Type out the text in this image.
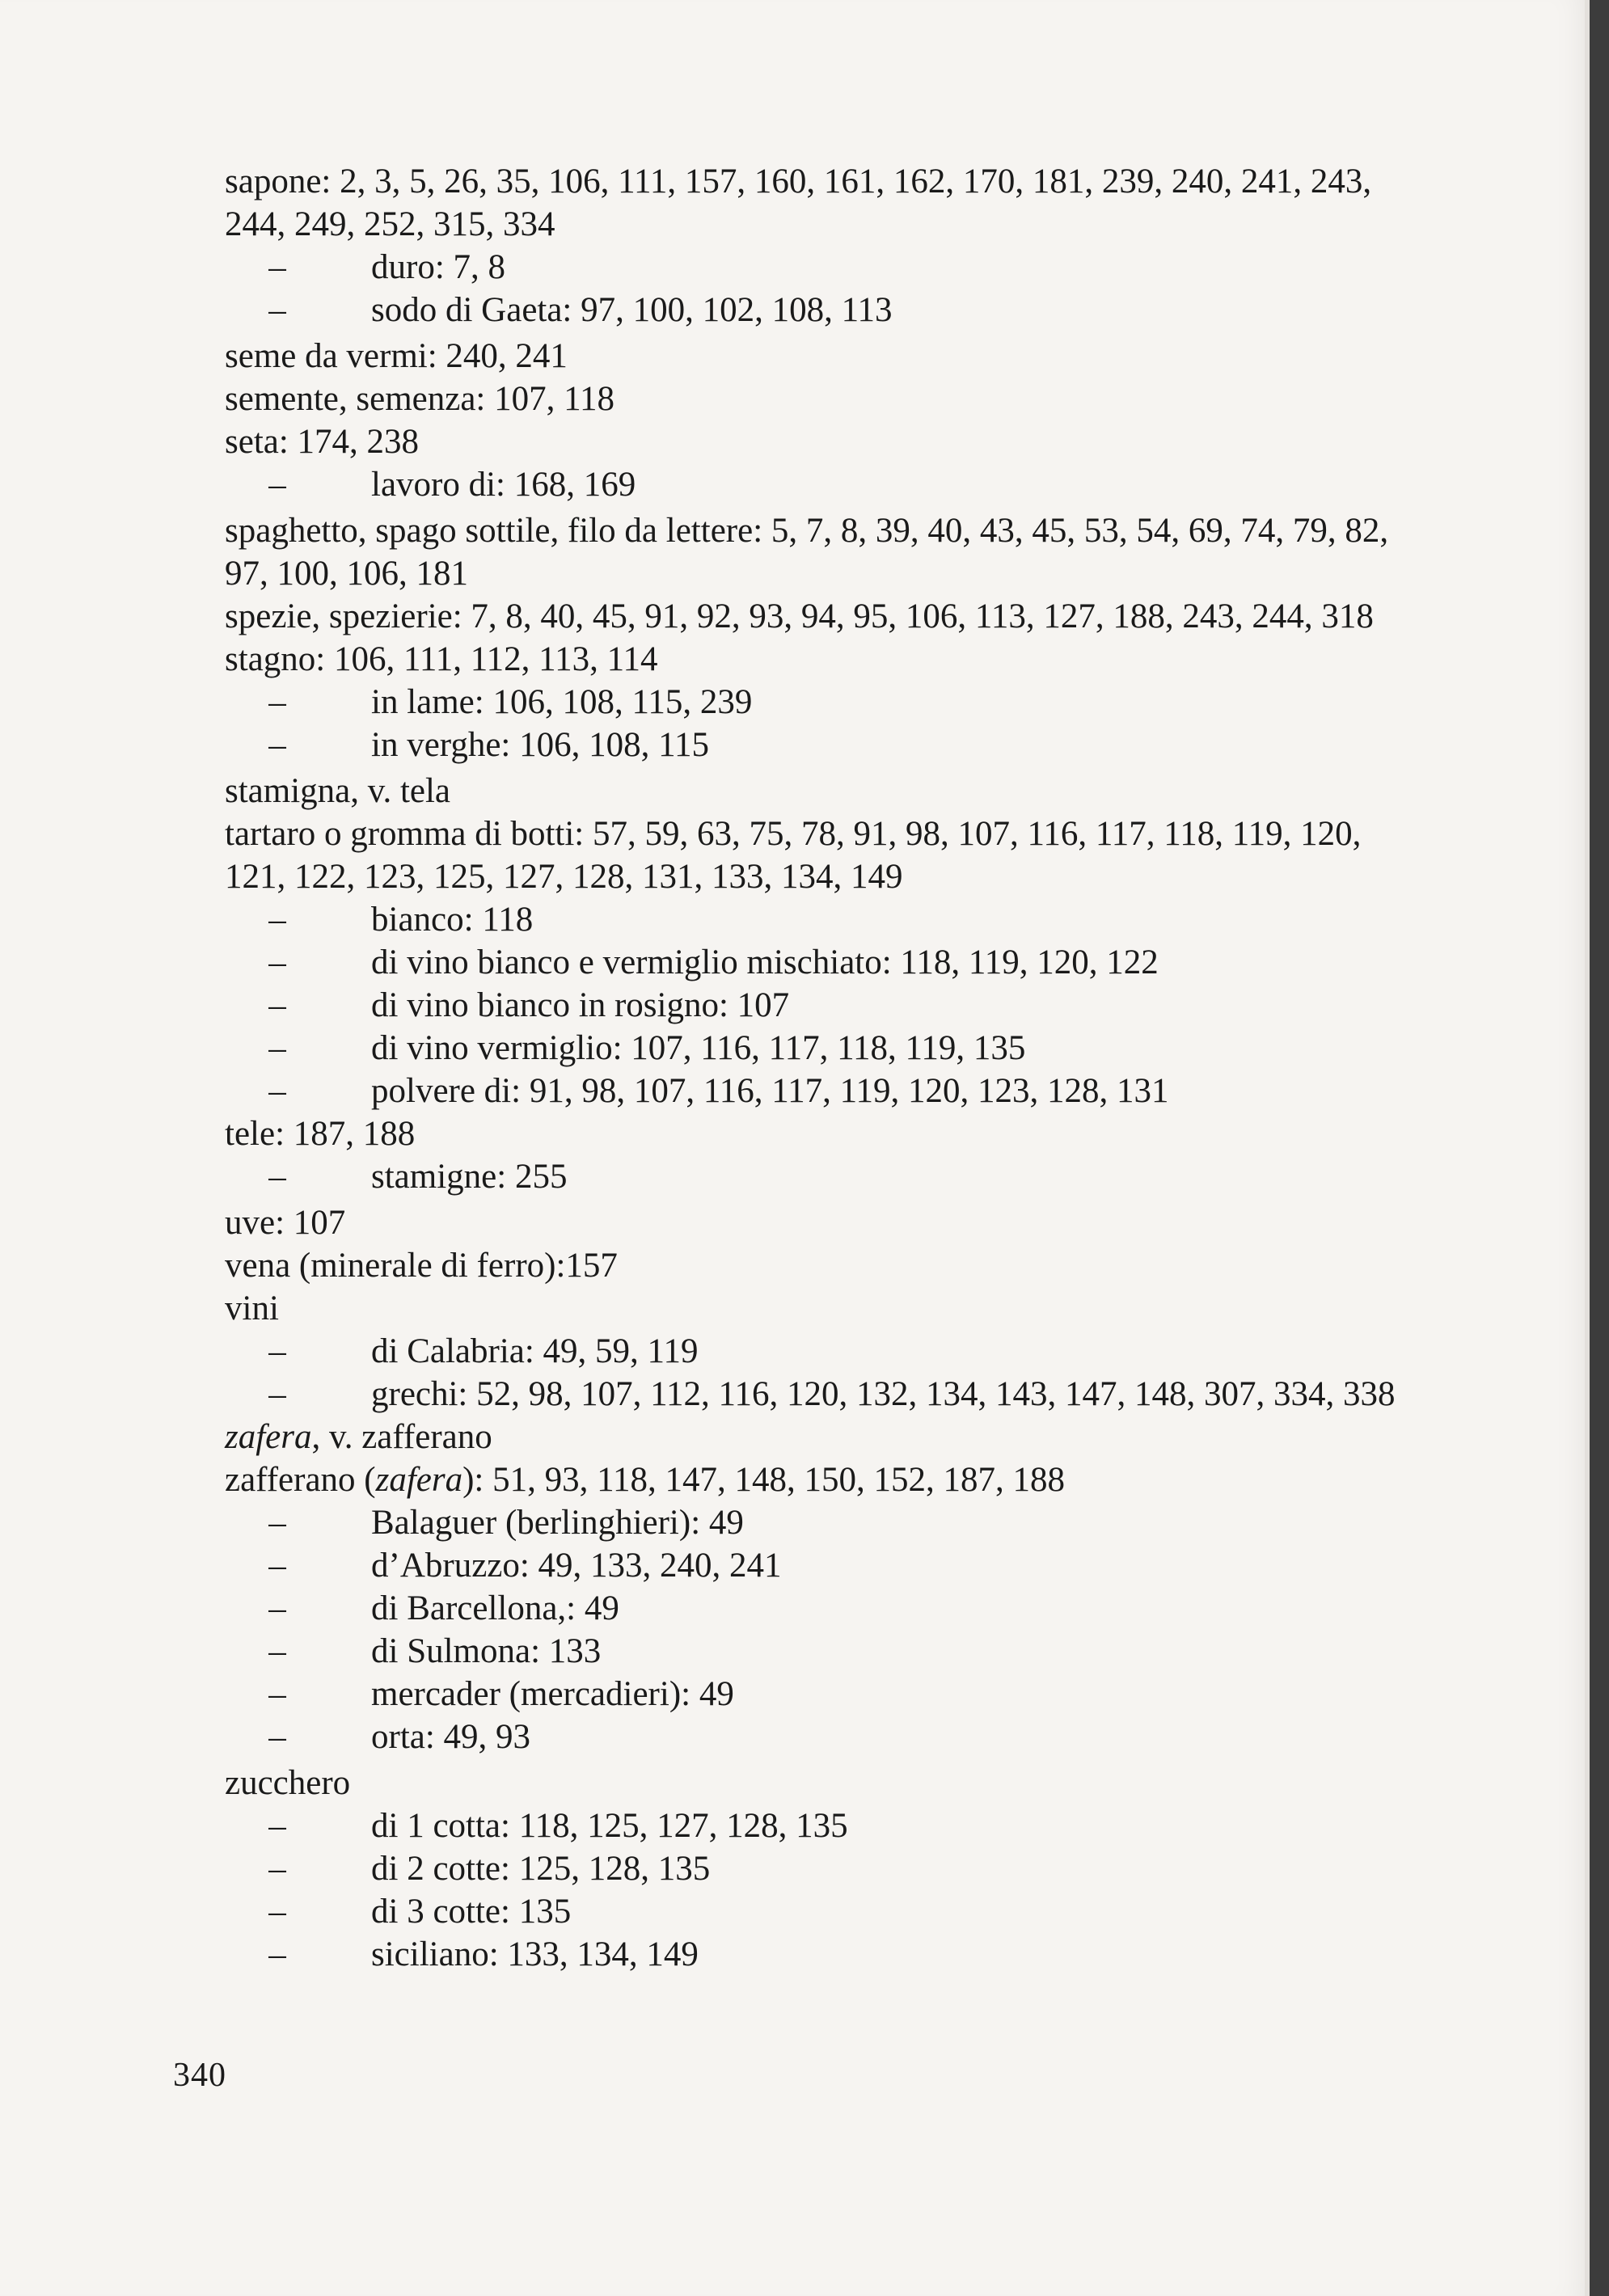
sapone: 2, 3, 5, 26, 35, 106, 111, 157, 160, 161, 162, 170, 181, 239, 240, 241, 243,
244, 249, 252, 315, 334

– duro: 7, 8

– sodo di Gaeta: 97, 100, 102, 108, 113

seme da vermi: 240, 241

semente, semenza: 107, 118

seta: 174, 238

– lavoro di: 168, 169

spaghetto, spago sottile, filo da lettere: 5, 7, 8, 39, 40, 43, 45, 53, 54, 69, 74, 79, 82,
97, 100, 106, 181

spezie, spezierie: 7, 8, 40, 45, 91, 92, 93, 94, 95, 106, 113, 127, 188, 243, 244, 318

stagno: 106, 111, 112, 113, 114

– in lame: 106, 108, 115, 239

– in verghe: 106, 108, 115

stamigna, v. tela

tartaro o gromma di botti: 57, 59, 63, 75, 78, 91, 98, 107, 116, 117, 118, 119, 120,
121, 122, 123, 125, 127, 128, 131, 133, 134, 149

– bianco: 118

– di vino bianco e vermiglio mischiato: 118, 119, 120, 122

– di vino bianco in rosigno: 107

– di vino vermiglio: 107, 116, 117, 118, 119, 135

– polvere di: 91, 98, 107, 116, 117, 119, 120, 123, 128, 131

tele: 187, 188

– stamigne: 255

uve: 107

vena (minerale di ferro):157

vini

– di Calabria: 49, 59, 119

– grechi: 52, 98, 107, 112, 116, 120, 132, 134, 143, 147, 148, 307, 334, 338

zafera, v. zafferano

zafferano (zafera): 51, 93, 118, 147, 148, 150, 152, 187, 188

– Balaguer (berlinghieri): 49

– d’Abruzzo: 49, 133, 240, 241

– di Barcellona,: 49

– di Sulmona: 133

– mercader (mercadieri): 49

– orta: 49, 93

zucchero

– di 1 cotta: 118, 125, 127, 128, 135

– di 2 cotte: 125, 128, 135

– di 3 cotte: 135

– siciliano: 133, 134, 149

340
